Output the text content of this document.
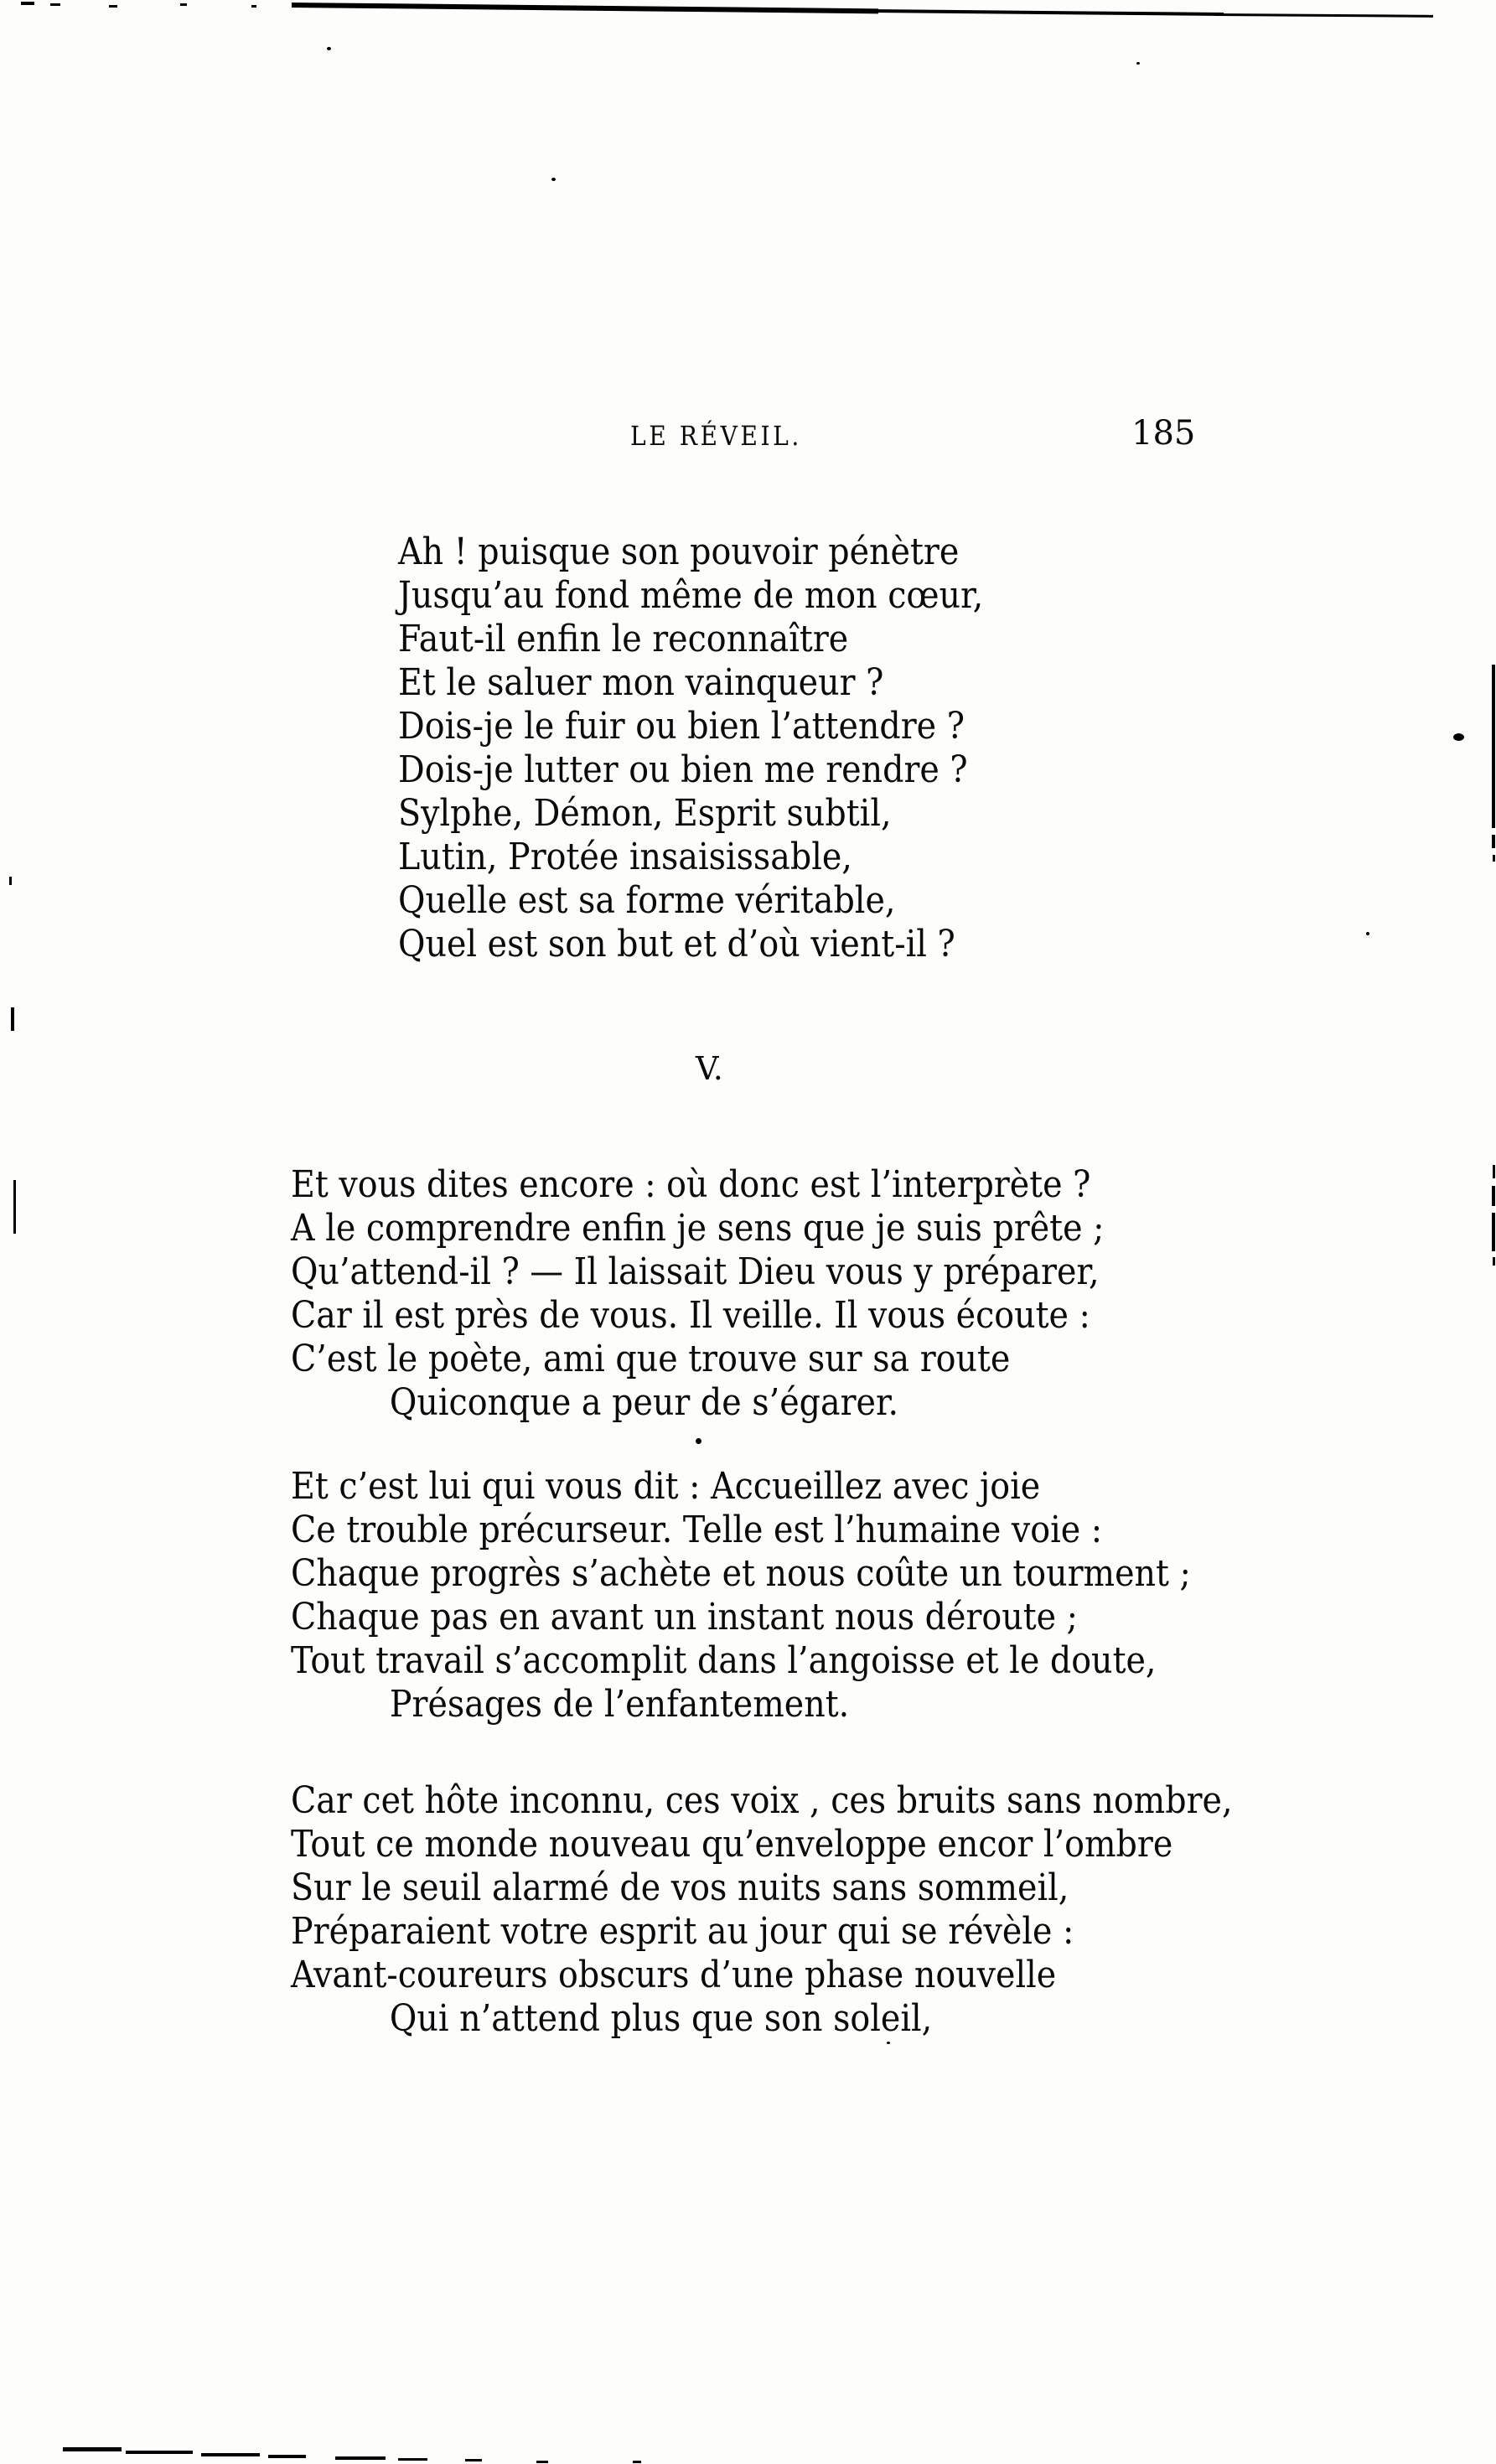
LE RÉVEIL.	185
Ah ! puisque son pouvoir pénètre
Jusqu’au fond même de mon cœur,
Faut-il enfin le reconnaître
Et le saluer mon vainqueur ?
Dois-je le fuir ou bien l’attendre ?
Dois-je lutter ou bien me rendre ?
Sylphe, Démon, Esprit subtil,
Lutin, Protée insaisissable,
Quelle est sa forme véritable,
Quel est son but et d’où vient-il ?
V.
Et vous dites encore : où donc est l’interprète ?
A le comprendre enfin je sens que je suis prête ;
Qu’attend-il ? — Il laissait Dieu vous y préparer,
Car il est près de vous. Il veille. Il vous écoute :
C’est le poète, ami que trouve sur sa route
Quiconque a peur de s’égarer.
Et c’est lui qui vous dit : Accueillez avec joie
Ce trouble précurseur. Telle est l’humaine voie :
Chaque progrès s’achète et nous coûte un tourment ;
Chaque pas en avant un instant nous déroute ;
Tout travail s’accomplit dans l’angoisse et le doute,
Présages de l’enfantement.
Car cet hôte inconnu, ces voix , ces bruits sans nombre,
Tout ce monde nouveau qu’enveloppe encor l’ombre
Sur le seuil alarmé de vos nuits sans sommeil,
Préparaient votre esprit au jour qui se révèle :
Avant-coureurs obscurs d’une phase nouvelle
Qui n’attend plus que son soleil,
